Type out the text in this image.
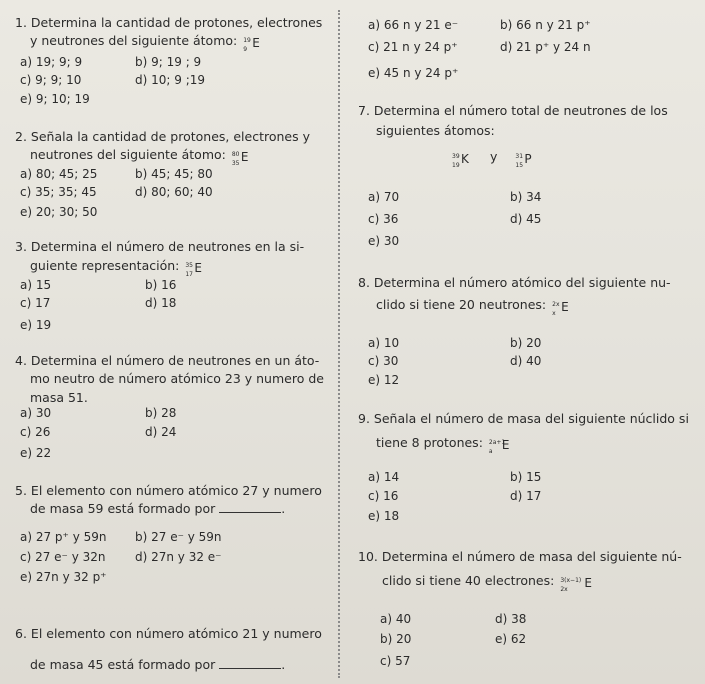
1. Determina la cantidad de protones, electrones
y neutrones del siguiente átomo: 19
9 E
a) 19; 9; 9	b) 9; 19 ; 9
c) 9; 9; 10	d) 10; 9 ;19
e) 9; 10; 19
2. Señala la cantidad de protones, electrones y
neutrones del siguiente átomo: 80
35 E
a) 80; 45; 25	b) 45; 45; 80
c) 35; 35; 45	d) 80; 60; 40
e) 20; 30; 50
3. Determina el número de neutrones en la si-
guiente representación: 35
17 E
a) 15	b) 16
c) 17	d) 18
e) 19
4. Determina el número de neutrones en un áto-
mo neutro de número atómico 23 y numero de
masa 51.
a) 30	b) 28
c) 26	d) 24
e) 22
5. El elemento con número atómico 27 y numero
de masa 59 está formado por	.
a) 27 p⁺ y 59n b) 27 e⁻ y 59n
c) 27 e⁻ y 32n d) 27n y 32 e⁻
e) 27n y 32 p⁺
6. El elemento con número atómico 21 y numero
de masa 45 está formado por	.
a) 66 n y 21 e⁻	b) 66 n y 21 p⁺
c) 21 n y 24 p⁺	d) 21 p⁺ y 24 n
e) 45 n y 24 p⁺
7. Determina el número total de neutrones de los
siguientes átomos:
39
19 K y	31
15 P
a) 70	b) 34
c) 36	d) 45
e) 30
8. Determina el número atómico del siguiente nu-
clido si tiene 20 neutrones: 2x
x E
a) 10	b) 20
c) 30	d) 40
e) 12
9. Señala el número de masa del siguiente núclido si
tiene 8 protones: 2a+1
a E
a) 14	b) 15
c) 16	d) 17
e) 18
10. Determina el número de masa del siguiente nú-
clido si tiene 40 electrones: 3(x−1)
2x E
a) 40
b) 20
c) 57
d) 38
e) 62
